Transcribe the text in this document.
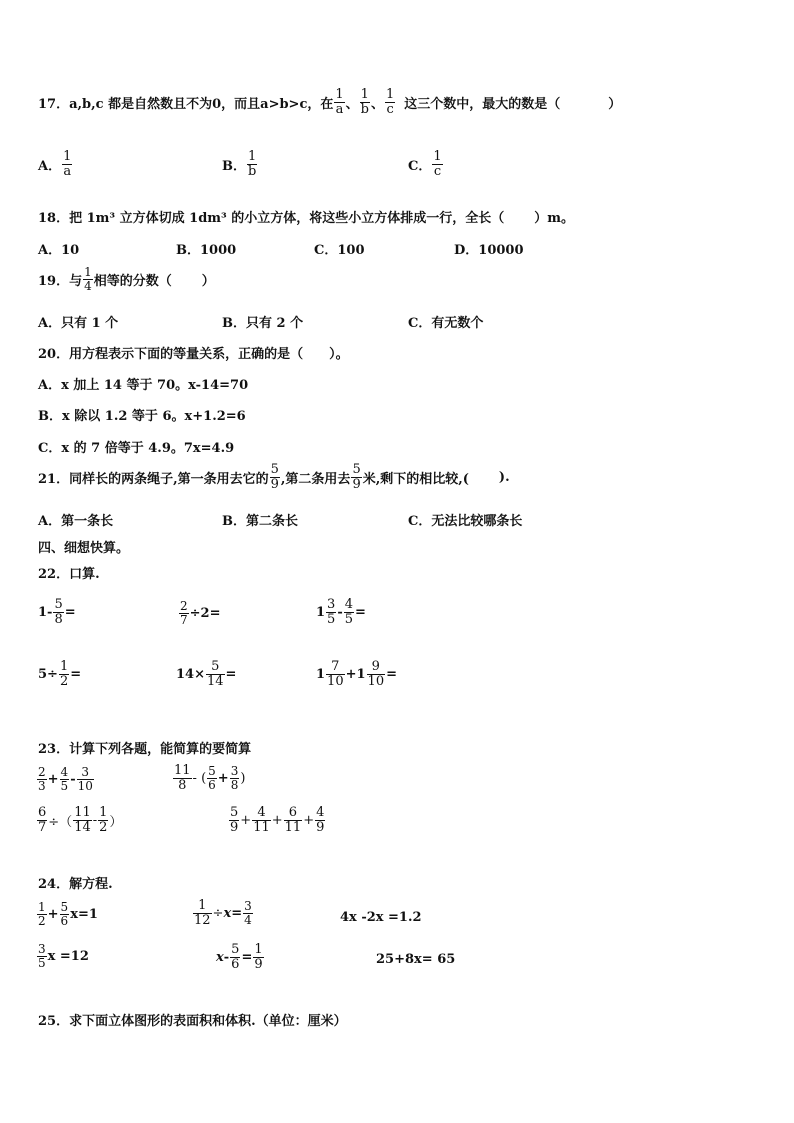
17．a,b,c 都是自然数且不为0，而且a>b>c，在 $\frac{1}{a}$ 、 $\frac{1}{b}$ 、 $\frac{1}{c}$ 这三个数中，最大的数是（	）
A． $\frac{1}{a}$	B． $\frac{1}{b}$	C． $\frac{1}{c}$
18．把 1m³ 立方体切成 1dm³ 的小立方体，将这些小立方体排成一行，全长（ ）m。
A．10	B．1000	C．100	D．10000
19．与 $\frac{1}{4}$ 相等的分数（ ）
A．只有 1 个	B．只有 2 个	C．有无数个
20．用方程表示下面的等量关系，正确的是（　　）。
A．x 加上 14 等于 70。x-14=70
B．x 除以 1.2 等于 6。x+1.2=6
C．x 的 7 倍等于 4.9。7x=4.9
21．同样长的两条绳子,第一条用去它的 $\frac{5}{9}$ ,第二条用去 $\frac{5}{9}$ 米,剩下的相比较,( ).
A．第一条长	B．第二条长	C．无法比较哪条长
四、细想快算。
22．口算.
$1- \frac{5}{8}$ =	$\frac{2}{7} \div 2=$	$1 \frac{3}{5} - \frac{4}{5}$ =
$5\div \frac{1}{2}$ =	$14\times \frac{5}{14}$ =	$1 \frac{7}{10} +1 \frac{9}{10}$ =
23．计算下列各题，能简算的要简算
$\frac{2}{3} + \frac{4}{5} - \frac{3}{10}$	$\frac{11}{8}$ - ( $\frac{5}{6} + \frac{3}{8}$ )
$\frac{6}{7}$ ÷（ $\frac{11}{14} - \frac{1}{2}$ ）	$\frac{5}{9} + \frac{4}{11} + \frac{6}{11} + \frac{4}{9}$
24．解方程.
$\frac{1}{2} + \frac{5}{6} x=1$	$\frac{1}{12} \div x = \frac{3}{4}$	4x -2x =1.2
$\frac{3}{5}$ x =12	$x - \frac{5}{6} = \frac{1}{9}$	25+8x= 65
25．求下面立体图形的表面积和体积.（单位：厘米）
